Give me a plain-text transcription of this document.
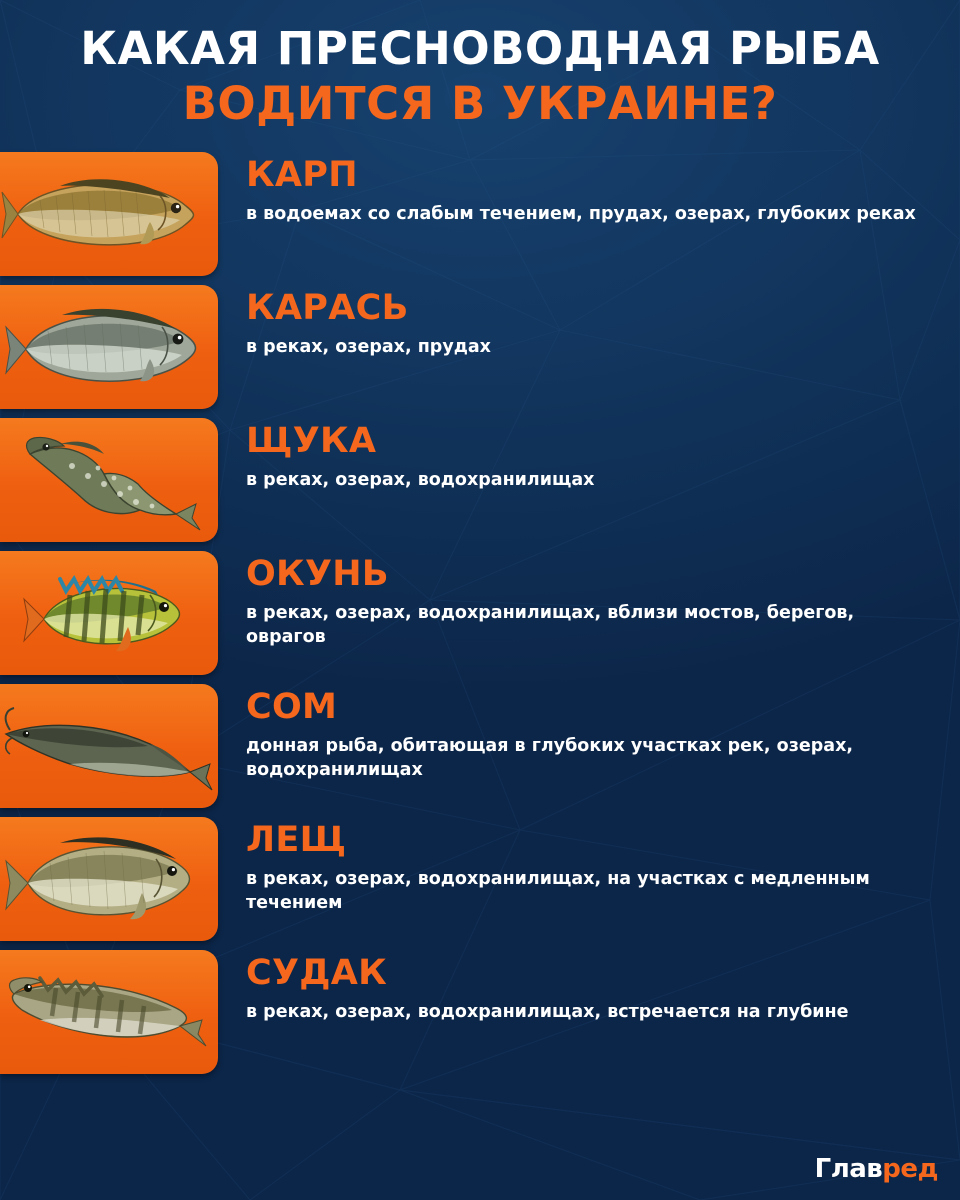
КАКАЯ ПРЕСНОВОДНАЯ РЫБА
ВОДИТСЯ В УКРАИНЕ?
КАРП
в водоемах со слабым течением, прудах, озерах, глубоких реках
КАРАСЬ
в реках, озерах, прудах
ЩУКА
в реках, озерах, водохранилищах
ОКУНЬ
в реках, озерах, водохранилищах, вблизи мостов, берегов, оврагов
СОМ
донная рыба, обитающая в глубоких участках рек, озерах, водохранилищах
ЛЕЩ
в реках, озерах, водохранилищах, на участках с медленным течением
СУДАК
в реках, озерах, водохранилищах, встречается на глубине
Главред
